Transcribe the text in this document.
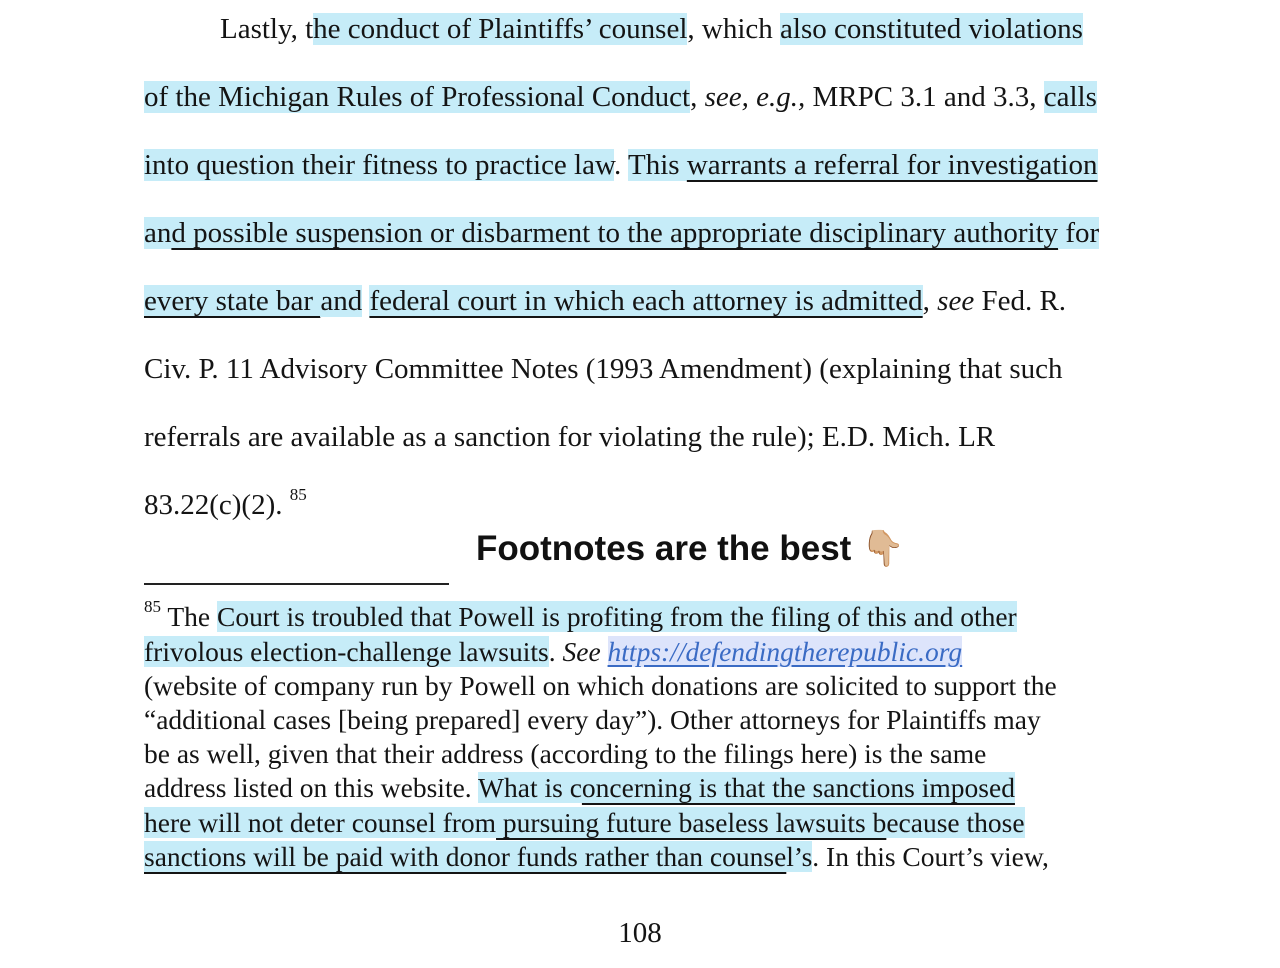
Lastly, the conduct of Plaintiffs’ counsel, which also constituted violations
of the Michigan Rules of Professional Conduct, see, e.g., MRPC 3.1 and 3.3, calls
into question their fitness to practice law. This warrants a referral for investigation
and possible suspension or disbarment to the appropriate disciplinary authority for
every state bar and federal court in which each attorney is admitted, see Fed. R.
Civ. P. 11 Advisory Committee Notes (1993 Amendment) (explaining that such
referrals are available as a sanction for violating the rule); E.D. Mich. LR
83.22(c)(2). $^{85}$
Footnotes are the best 👇🏼
$^{85}$ The Court is troubled that Powell is profiting from the filing of this and other
frivolous election-challenge lawsuits. See https://defendingtherepublic.org
(website of company run by Powell on which donations are solicited to support the
“additional cases [being prepared] every day”). Other attorneys for Plaintiffs may
be as well, given that their address (according to the filings here) is the same
address listed on this website. What is concerning is that the sanctions imposed
here will not deter counsel from pursuing future baseless lawsuits because those
sanctions will be paid with donor funds rather than counsel’s. In this Court’s view,
108
